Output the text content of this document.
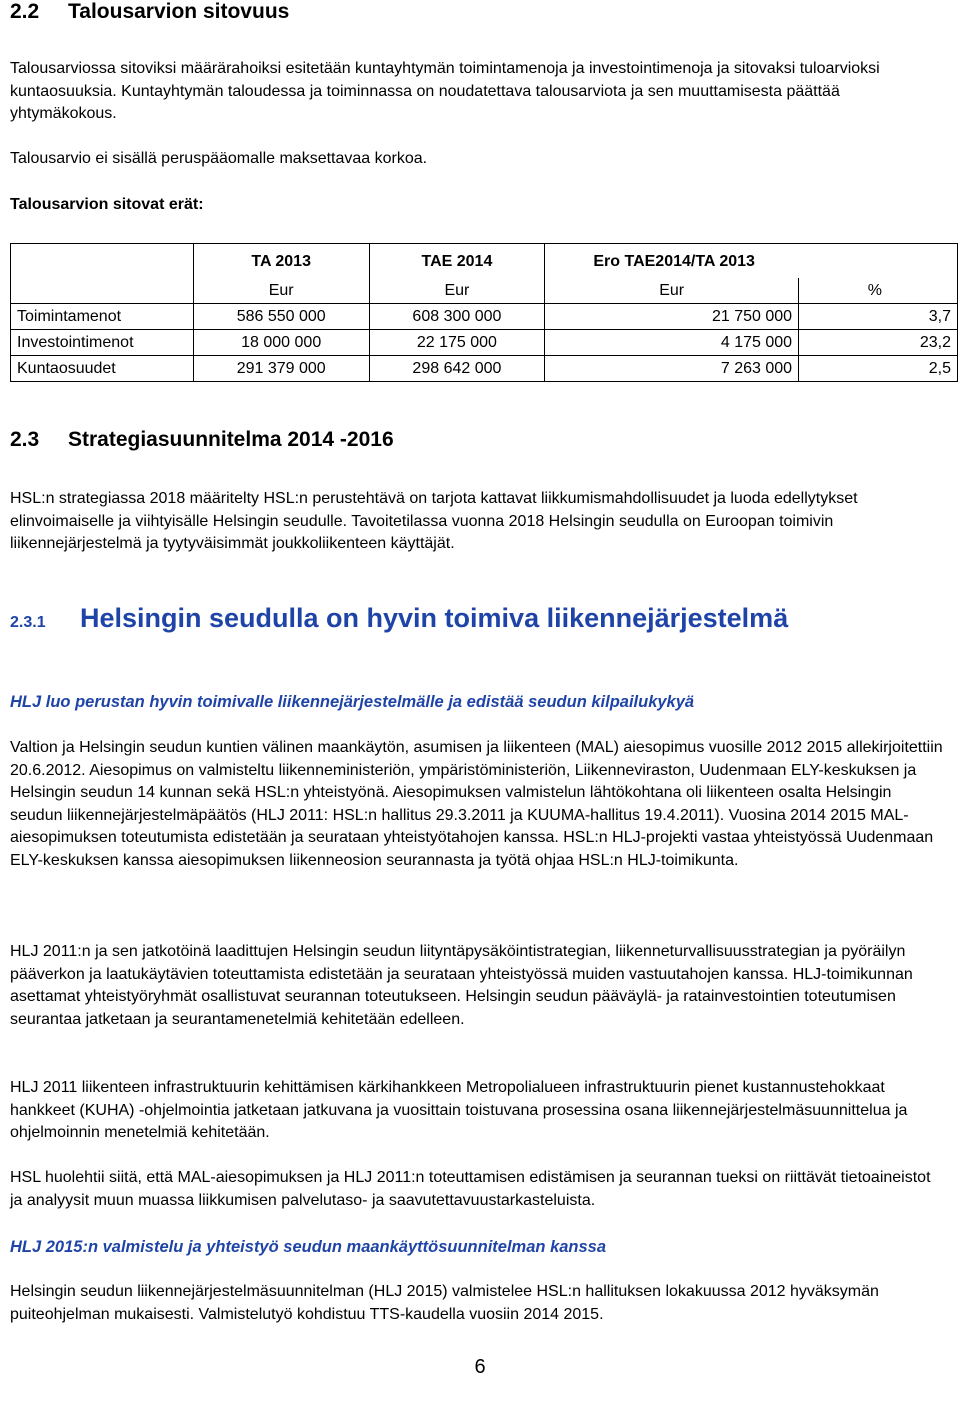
2.2 Talousarvion sitovuus

Talousarviossa sitoviksi määrärahoiksi esitetään kuntayhtymän toimintamenoja ja investointimenoja ja sitovaksi tuloarvioksi kuntaosuuksia. Kuntayhtymän taloudessa ja toiminnassa on noudatettava talousarviota ja sen muuttamisesta päättää yhtymäkokous.

Talousarvio ei sisällä peruspääomalle maksettavaa korkoa.

Talousarvion sitovat erät:

	TA 2013	TAE 2014	Ero TAE2014/TA 2013	
	Eur	Eur	Eur	%
Toimintamenot	586 550 000	608 300 000	21 750 000	3,7
Investointimenot	18 000 000	22 175 000	4 175 000	23,2
Kuntaosuudet	291 379 000	298 642 000	7 263 000	2,5
2.3 Strategiasuunnitelma 2014 -2016

HSL:n strategiassa 2018 määritelty HSL:n perustehtävä on tarjota kattavat liikkumismahdollisuudet ja luoda edellytykset elinvoimaiselle ja viihtyisälle Helsingin seudulle. Tavoitetilassa vuonna 2018 Helsingin seudulla on Euroopan toimivin liikennejärjestelmä ja tyytyväisimmät joukkoliikenteen käyttäjät.

2.3.1 Helsingin seudulla on hyvin toimiva liikennejärjestelmä

HLJ luo perustan hyvin toimivalle liikennejärjestelmälle ja edistää seudun kilpailukykyä

Valtion ja Helsingin seudun kuntien välinen maankäytön, asumisen ja liikenteen (MAL) aiesopimus vuosille 2012 2015 allekirjoitettiin 20.6.2012. Aiesopimus on valmisteltu liikenneministeriön, ympäristöministeriön, Liikenneviraston, Uudenmaan ELY-keskuksen ja Helsingin seudun 14 kunnan sekä HSL:n yhteistyönä. Aiesopimuksen valmistelun lähtökohtana oli liikenteen osalta Helsingin seudun liikennejärjestelmäpäätös (HLJ 2011: HSL:n hallitus 29.3.2011 ja KUUMA-hallitus 19.4.2011). Vuosina 2014 2015 MAL-aiesopimuksen toteutumista edistetään ja seurataan yhteistyötahojen kanssa. HSL:n HLJ-projekti vastaa yhteistyössä Uudenmaan ELY-keskuksen kanssa aiesopimuksen liikenneosion seurannasta ja työtä ohjaa HSL:n HLJ-toimikunta.

HLJ 2011:n ja sen jatkotöinä laadittujen Helsingin seudun liityntäpysäköintistrategian, liikenneturvallisuusstrategian ja pyöräilyn pääverkon ja laatukäytävien toteuttamista edistetään ja seurataan yhteistyössä muiden vastuutahojen kanssa. HLJ-toimikunnan asettamat yhteistyöryhmät osallistuvat seurannan toteutukseen. Helsingin seudun pääväylä- ja ratainvestointien toteutumisen seurantaa jatketaan ja seurantamenetelmiä kehitetään edelleen.

HLJ 2011 liikenteen infrastruktuurin kehittämisen kärkihankkeen Metropolialueen infrastruktuurin pienet kustannustehokkaat hankkeet (KUHA) -ohjelmointia jatketaan jatkuvana ja vuosittain toistuvana prosessina osana liikennejärjestelmäsuunnittelua ja ohjelmoinnin menetelmiä kehitetään.

HSL huolehtii siitä, että MAL-aiesopimuksen ja HLJ 2011:n toteuttamisen edistämisen ja seurannan tueksi on riittävät tietoaineistot ja analyysit muun muassa liikkumisen palvelutaso- ja saavutettavuustarkasteluista.

HLJ 2015:n valmistelu ja yhteistyö seudun maankäyttösuunnitelman kanssa

Helsingin seudun liikennejärjestelmäsuunnitelman (HLJ 2015) valmistelee HSL:n hallituksen lokakuussa 2012 hyväksymän puiteohjelman mukaisesti. Valmistelutyö kohdistuu TTS-kaudella vuosiin 2014 2015.

6
